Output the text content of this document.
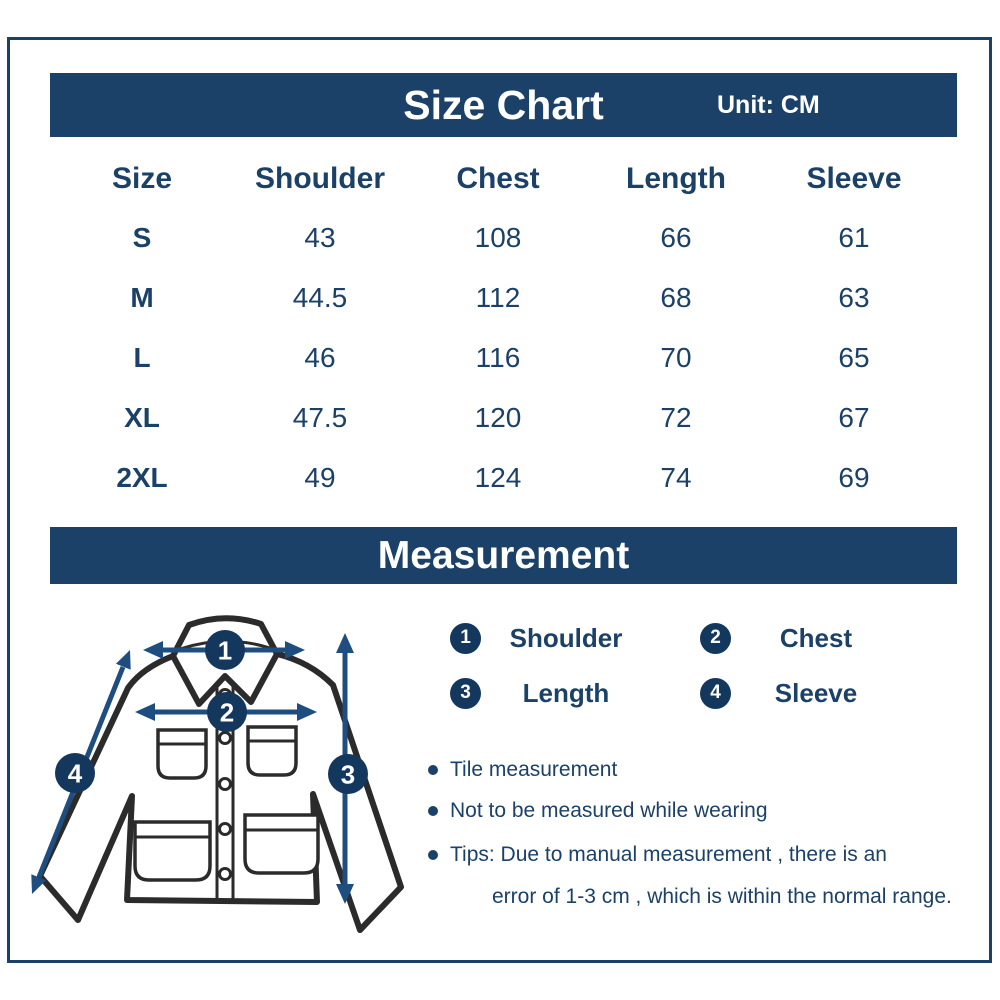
Size Chart	Unit: CM
Size	Shoulder	Chest	Length	Sleeve
S	43	108	66	61
M	44.5	112	68	63
L	46	116	70	65
XL	47.5	120	72	67
2XL	49	124	74	69
Measurement
1
2
3
4
1	Shoulder	2	Chest
3	Length	4	Sleeve
Tile measurement
Not to be measured while wearing
Tips: Due to manual measurement , there is an
error of 1-3 cm , which is within the normal range.
